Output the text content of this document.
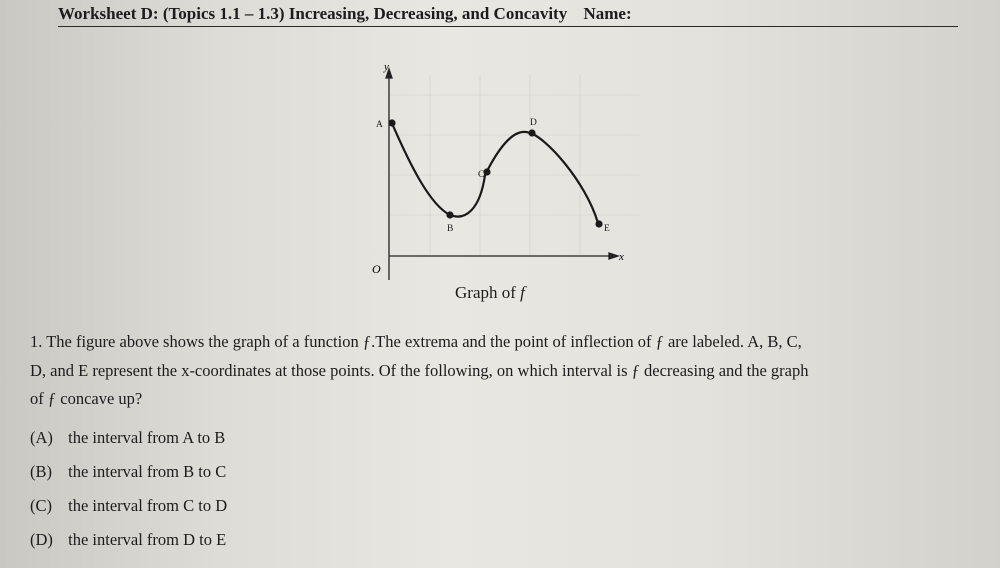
Worksheet D: (Topics 1.1 – 1.3) Increasing, Decreasing, and Concavity Name:
y
x
O
A
B
C
D
E
Graph of f

1. The figure above shows the graph of a function ƒ.The extrema and the point of inflection of ƒ are labeled. A, B, C,

D, and E represent the x-coordinates at those points. Of the following, on which interval is ƒ decreasing and the graph

of ƒ concave up?

(A) the interval from A to B
(B) the interval from B to C
(C) the interval from C to D
(D) the interval from D to E
